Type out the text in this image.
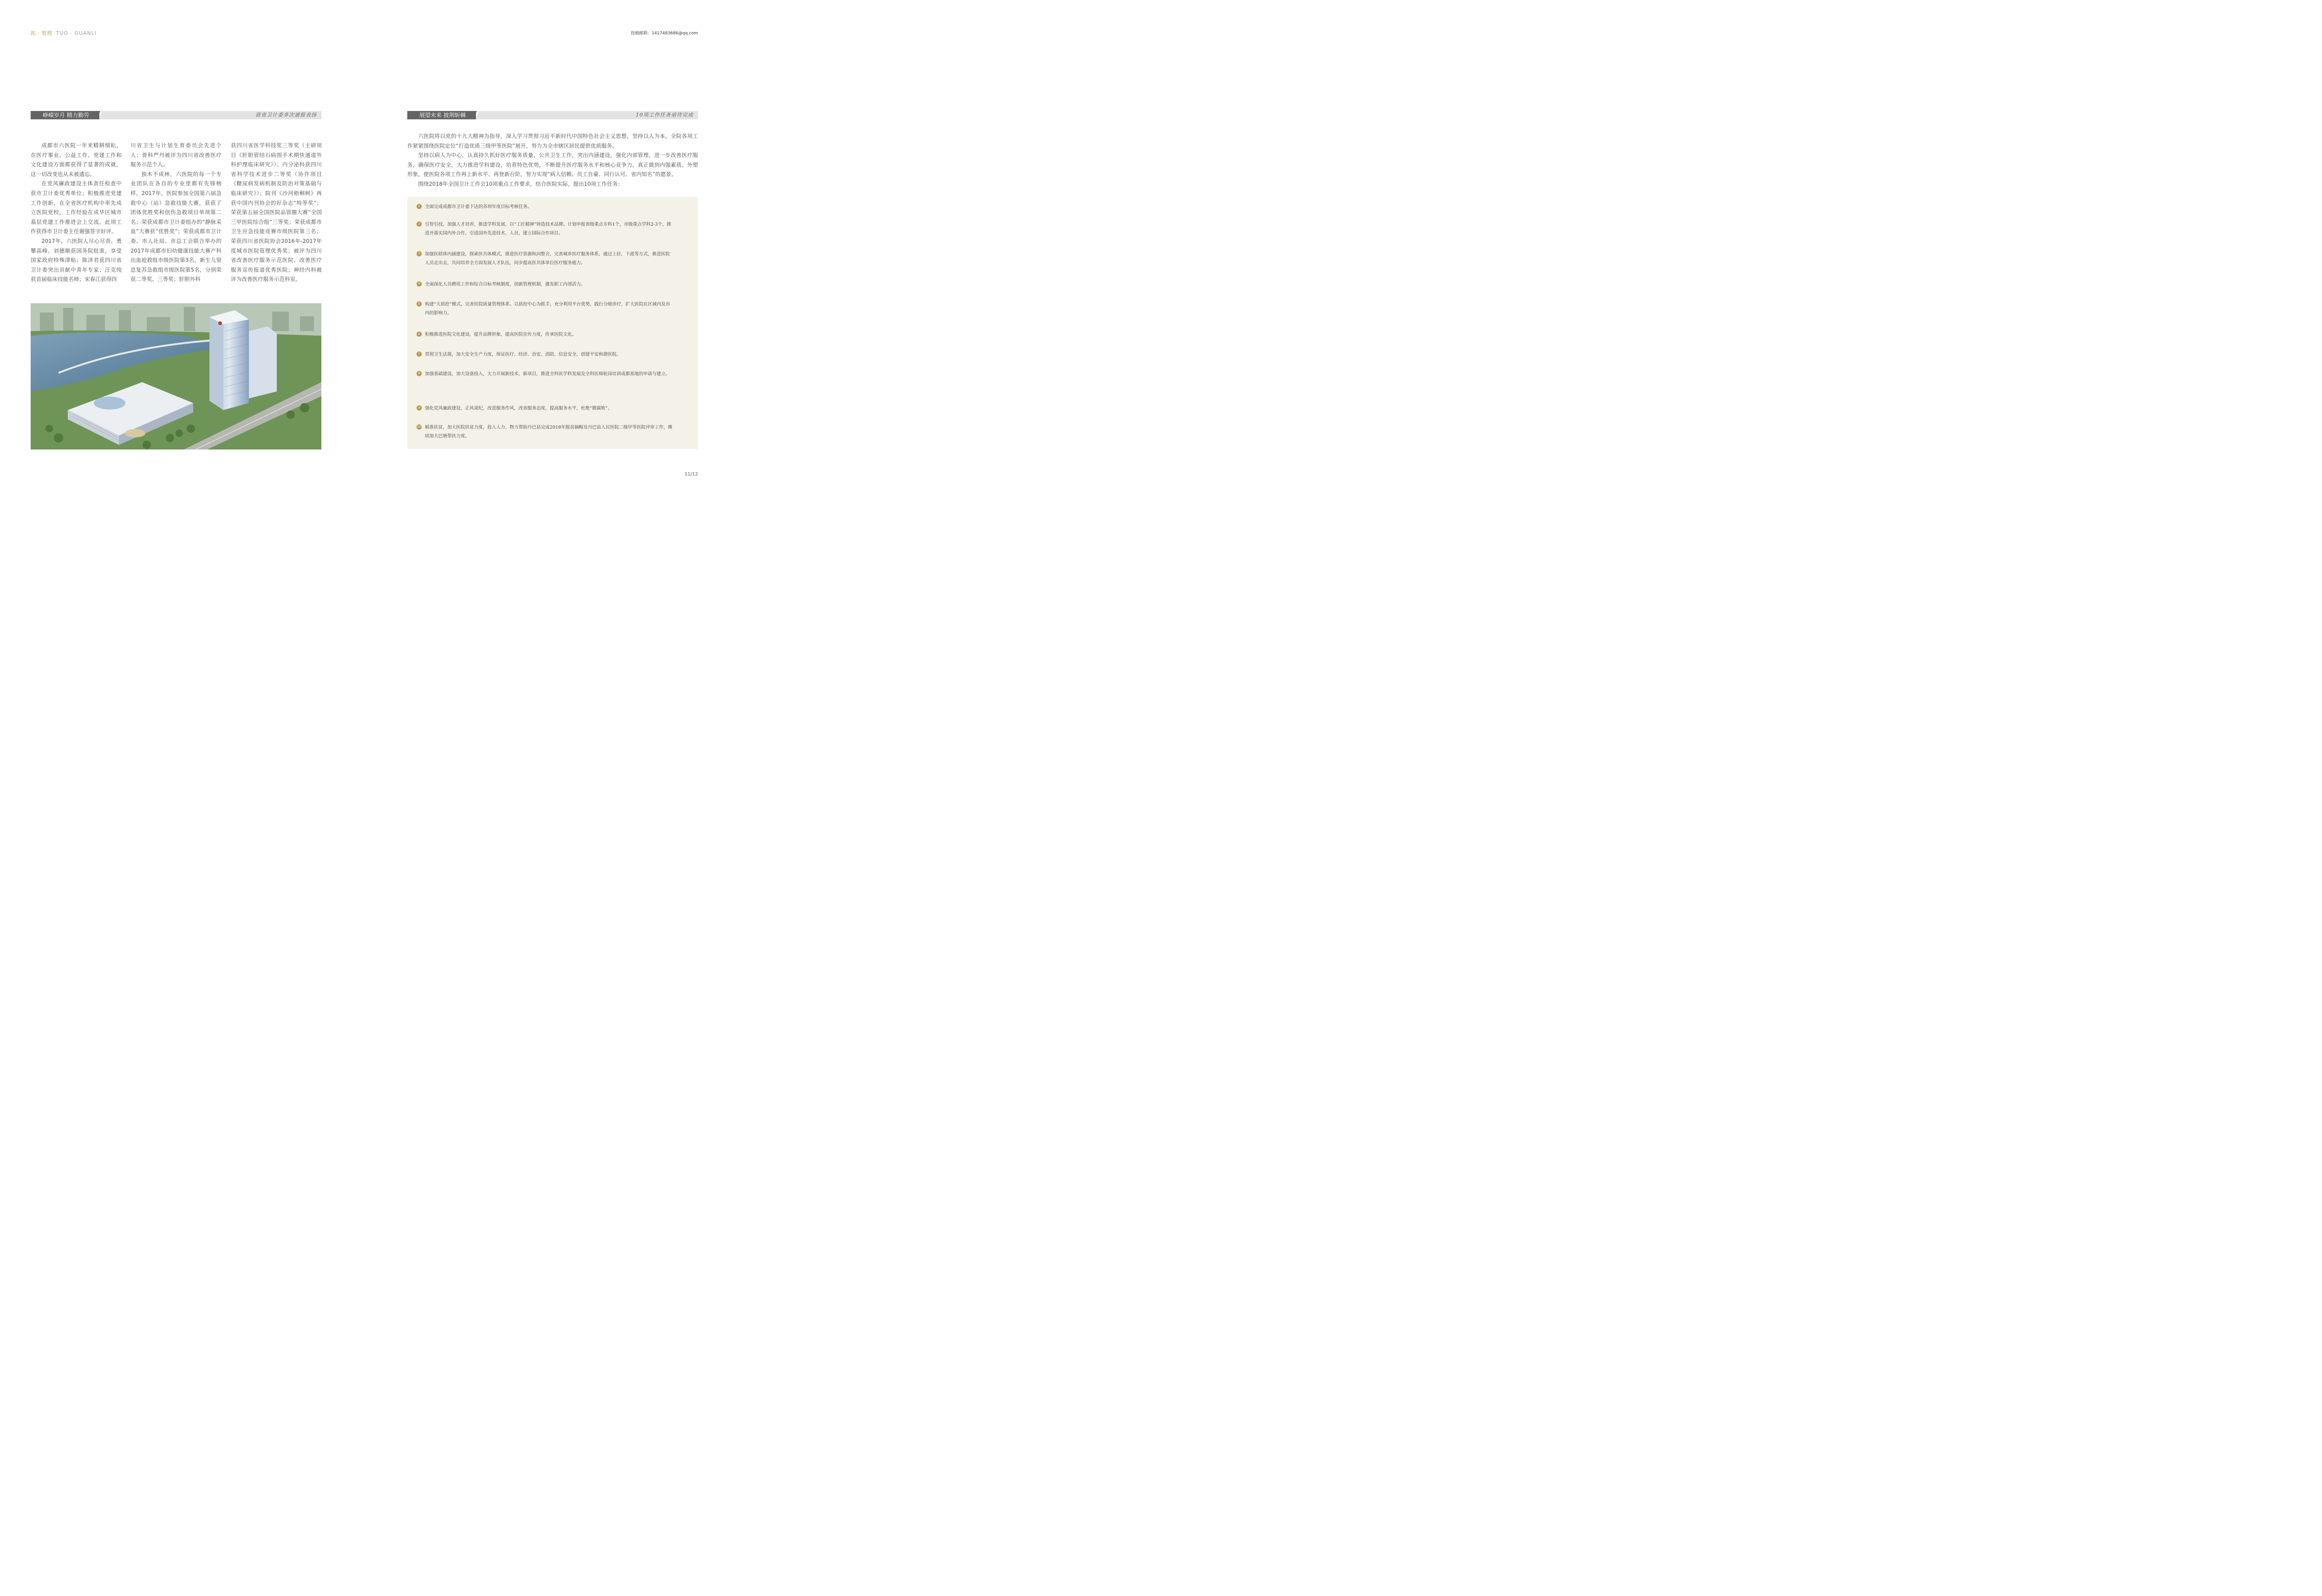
拓 · 管理 TUO · GUANLI	投稿邮箱：1417483686@qq.com
峥嵘岁月 精力勤劳	获省卫计委多次通报表扬

成都市六医院一年来精耕细耘，在医疗事业、公益工作、党建工作和文化建设方面都获得了显著的成就，这一切改变也从未被遗忘。

在党风廉政建设主体责任检查中获市卫计委优秀单位；积极推进党建工作创新，在全省医疗机构中率先成立医院党校，工作经验在成华区城市基层党建工作推进会上交流，此项工作获得市卫计委主任谢强签字好评。

2017年，六医院人尽心尽责、勇攀高峰。刘德顺获国务院批准，享受国家政府特殊津贴；陈泽君获四川省卫计委突出贡献中青年专家；汪克纯获首届临床技能名师；宋春江获得四

川省卫生与计划生育委员会先进个人；骨科严丹被评为四川省改善医疗服务示范个人。

独木不成林，六医院的每一个专业团队在各自的专业里都有先锋榜样。2017年，医院参加全国第六届急救中心（站）急救技能大赛，获获了团体优胜奖和创伤急救项目单项第二名；荣获成都市卫计委组办的“静脉采血”大赛获“优胜奖”；荣获成都市卫计委、市人社局、市总工会联合举办的2017年成都市妇幼健康技能大赛产科出血抢救组市级医院第3名，新生儿窒息复苏急救组市级医院第5名，分别荣获二等奖、三等奖；肝胆外科

获四川省医学科技奖三等奖（主研项目《肝胆管结石病围手术期快通道外科护理临床研究》）；内分泌科获四川省科学技术进步二等奖（协作项目《糖尿病发病机制及防治对策基础与临床研究》）；院刊《沙河梧桐树》再获中国内刊协会的好杂志“特等奖”；荣获第五届全国医院品管圈大赛“全国三甲医院综合组”三等奖；荣获成都市卫生应急技能竞赛市级医院第三名；荣获四川省医院协会2016年-2017年度城市医院管理优秀奖；被评为四川省改善医疗服务示范医院、改善医疗服务宣传报道优秀医院；神经内科被评为改善医疗服务示范科室。

展望未来 披荆斩棘	10项工作任务亟待完成

六医院将以党的十九大精神为指导，深入学习贯彻习近平新时代中国特色社会主义思想，坚持以人为本，全院各项工作紧紧围绕医院定位“打造优质三级甲等医院”展开，努力为全市辖区居民提供优质服务。

坚持以病人为中心，认真持久抓好医疗服务质量、公共卫生工作，突出内涵建设，强化内部管理，进一步改善医疗服务，确保医疗安全，大力推进学科建设，培育特色优势，不断提升医疗服务水平和核心竞争力，真正做到内强素质、外塑形象，使医院各项工作再上新水平、再登新台阶，努力实现“病人信赖、员工自豪、同行认可、省内知名”的愿景。

围绕2018年全国卫计工作会10项重点工作要求，结合医院实际，提出10项工作任务：

1	全面完成成都市卫计委下达的各项年度目标考核任务。
2	引智引技，加强人才培养，推进学科发展，以“工匠精神”铸造技术品牌。计划申报省级重点专科1个，市级重点学科2-3个，推进并落实国内外合作，引进国外先进技术、人员，建立国际合作项目。
3	加强医联体内涵建设，探索医共体模式，推进医疗资源纵向整合，完善城乡医疗服务体系，通过上挂、下派等方式，推进医院人员走出去，共同培养全方面发展人才队伍，同步提高医共体单位医疗服务能力。
4	全面深化人员聘用工作和综合目标考核制度，创新管理机制，激发职工内部活力。
5	构建“大质控”模式，完善医院质量管理体系。以质控中心为抓手，充分利用平台优势，践行分级诊疗，扩大医院在区域内及市内的影响力。
6	积极推进医院文化建设，提升品牌形象，提高医院宣传力度，传承医院文化。
7	贯彻卫生法规，加大安全生产力度，保证医疗、经济、治安、消防、信息安全，创建平安和谐医院。
8	加强基础建设，加大设备投入，大力开展新技术、新项目，推进全科医学科发展及全科医师轮岗培训成都基地的申请与建立。
9	强化党风廉政建设，正风肃纪，改进服务作风，改善服务态度，提高服务水平，杜绝“微腐败”。
10 精准扶贫，加大医院扶贫力度，投入人力、物力帮助丹巴县完成2018年脱贫摘帽及丹巴县人民医院二级甲等医院评审工作，继续加大巴塘帮扶力度。
11/12
